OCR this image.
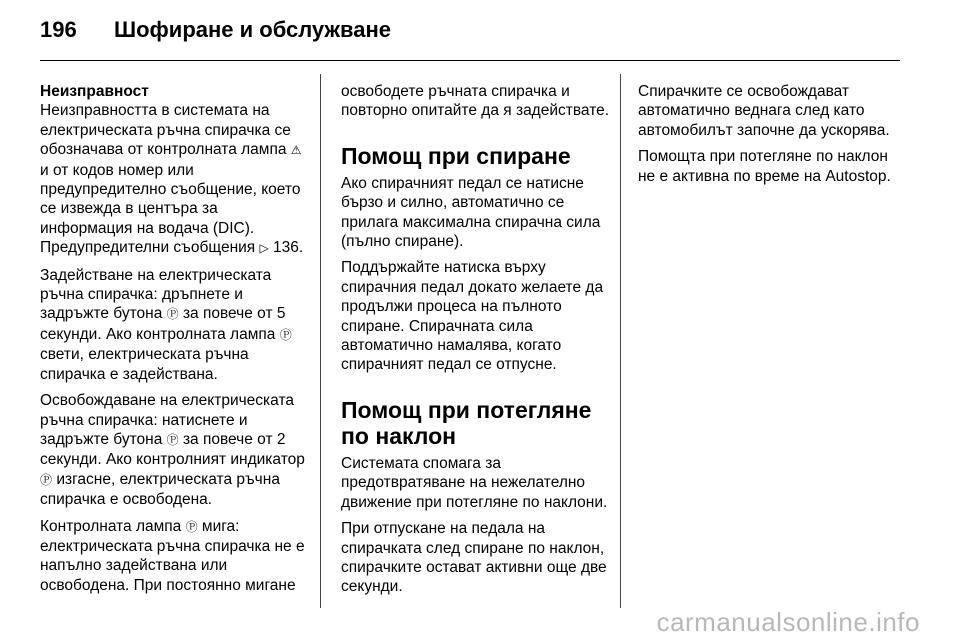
196 Шофиране и обслужване

Неизправност
Неизправността в системата на електрическата ръчна спирачка се обозначава от контролната лампа ⚠ и от кодов номер или предупредително съобщение, което се извежда в центъра за информация на водача (DIC). Предупредителни съобщения ▷ 136.

Задействане на електрическата ръчна спирачка: дръпнете и задръжте бутона Ⓟ за повече от 5 секунди. Ако контролната лампа Ⓟ свети, електрическата ръчна спирачка е задействана.

Освобождаване на електрическата ръчна спирачка: натиснете и задръжте бутона Ⓟ за повече от 2 секунди. Ако контролният индикатор Ⓟ изгасне, електрическата ръчна спирачка е освободена.

Контролната лампа Ⓟ мига: електрическата ръчна спирачка не е напълно задействана или освободена. При постоянно мигане

освободете ръчната спирачка и повторно опитайте да я задействате.

Помощ при спиране

Ако спирачният педал се натисне бързо и силно, автоматично се прилага максимална спирачна сила (пълно спиране).

Поддържайте натиска върху спирачния педал докато желаете да продължи процеса на пълното спиране. Спирачната сила автоматично намалява, когато спирачният педал се отпусне.

Помощ при потегляне по наклон

Системата спомага за предотвратяване на нежелателно движение при потегляне по наклони.

При отпускане на педала на спирачката след спиране по наклон, спирачките остават активни още две секунди.

Спирачките се освобождават автоматично веднага след като автомобилът започне да ускорява.

Помощта при потегляне по наклон не е активна по време на Autostop.

carmanualsonline.info
